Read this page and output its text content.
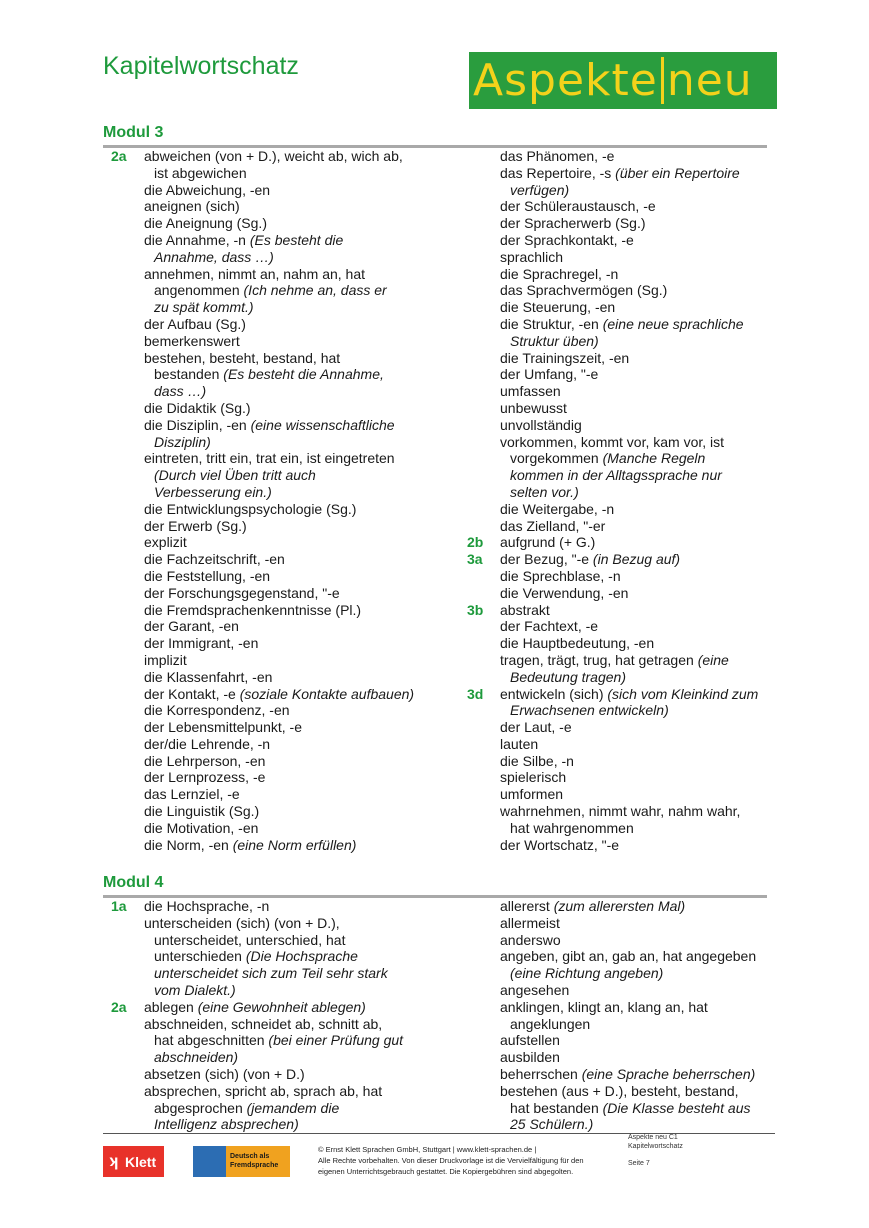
Kapitelwortschatz	Aspekte neu
Modul 3
2a abweichen (von + D.), weicht ab, wich ab,
ist abgewichen
die Abweichung, -en
aneignen (sich)
die Aneignung (Sg.)
die Annahme, -n (Es besteht die
Annahme, dass …)
annehmen, nimmt an, nahm an, hat
angenommen (Ich nehme an, dass er
zu spät kommt.)
der Aufbau (Sg.)
bemerkenswert
bestehen, besteht, bestand, hat
bestanden (Es besteht die Annahme,
dass …)
die Didaktik (Sg.)
die Disziplin, -en (eine wissenschaftliche
Disziplin)
eintreten, tritt ein, trat ein, ist eingetreten
(Durch viel Üben tritt auch
Verbesserung ein.)
die Entwicklungspsychologie (Sg.)
der Erwerb (Sg.)
explizit
die Fachzeitschrift, -en
die Feststellung, -en
der Forschungsgegenstand, "-e
die Fremdsprachenkenntnisse (Pl.)
der Garant, -en
der Immigrant, -en
implizit
die Klassenfahrt, -en
der Kontakt, -e (soziale Kontakte aufbauen)
die Korrespondenz, -en
der Lebensmittelpunkt, -e
der/die Lehrende, -n
die Lehrperson, -en
der Lernprozess, -e
das Lernziel, -e
die Linguistik (Sg.)
die Motivation, -en
die Norm, -en (eine Norm erfüllen)
das Phänomen, -e
das Repertoire, -s (über ein Repertoire
verfügen)
der Schüleraustausch, -e
der Spracherwerb (Sg.)
der Sprachkontakt, -e
sprachlich
die Sprachregel, -n
das Sprachvermögen (Sg.)
die Steuerung, -en
die Struktur, -en (eine neue sprachliche
Struktur üben)
die Trainingszeit, -en
der Umfang, "-e
umfassen
unbewusst
unvollständig
vorkommen, kommt vor, kam vor, ist
vorgekommen (Manche Regeln
kommen in der Alltagssprache nur
selten vor.)
die Weitergabe, -n
das Zielland, "-er
2b aufgrund (+ G.)
3a der Bezug, "-e (in Bezug auf)
die Sprechblase, -n
die Verwendung, -en
3b abstrakt
der Fachtext, -e
die Hauptbedeutung, -en
tragen, trägt, trug, hat getragen (eine
Bedeutung tragen)
3d entwickeln (sich) (sich vom Kleinkind zum
Erwachsenen entwickeln)
der Laut, -e
lauten
die Silbe, -n
spielerisch
umformen
wahrnehmen, nimmt wahr, nahm wahr,
hat wahrgenommen
der Wortschatz, "-e
Modul 4
1a die Hochsprache, -n
unterscheiden (sich) (von + D.),
unterscheidet, unterschied, hat
unterschieden (Die Hochsprache
unterscheidet sich zum Teil sehr stark
vom Dialekt.)
2a ablegen (eine Gewohnheit ablegen)
abschneiden, schneidet ab, schnitt ab,
hat abgeschnitten (bei einer Prüfung gut
abschneiden)
absetzen (sich) (von + D.)
absprechen, spricht ab, sprach ab, hat
abgesprochen (jemandem die
Intelligenz absprechen)
allererst (zum allerersten Mal)
allermeist
anderswo
angeben, gibt an, gab an, hat angegeben
(eine Richtung angeben)
angesehen
anklingen, klingt an, klang an, hat
angeklungen
aufstellen
ausbilden
beherrschen (eine Sprache beherrschen)
bestehen (aus + D.), besteht, bestand,
hat bestanden (Die Klasse besteht aus
25 Schülern.)
ʞ Klett	Deutsch als
Fremdsprache
© Ernst Klett Sprachen GmbH, Stuttgart | www.klett-sprachen.de |
Alle Rechte vorbehalten. Von dieser Druckvorlage ist die Vervielfältigung für den
eigenen Unterrichtsgebrauch gestattet. Die Kopiergebühren sind abgegolten.
Aspekte neu C1
Kapitelwortschatz
Seite 7
